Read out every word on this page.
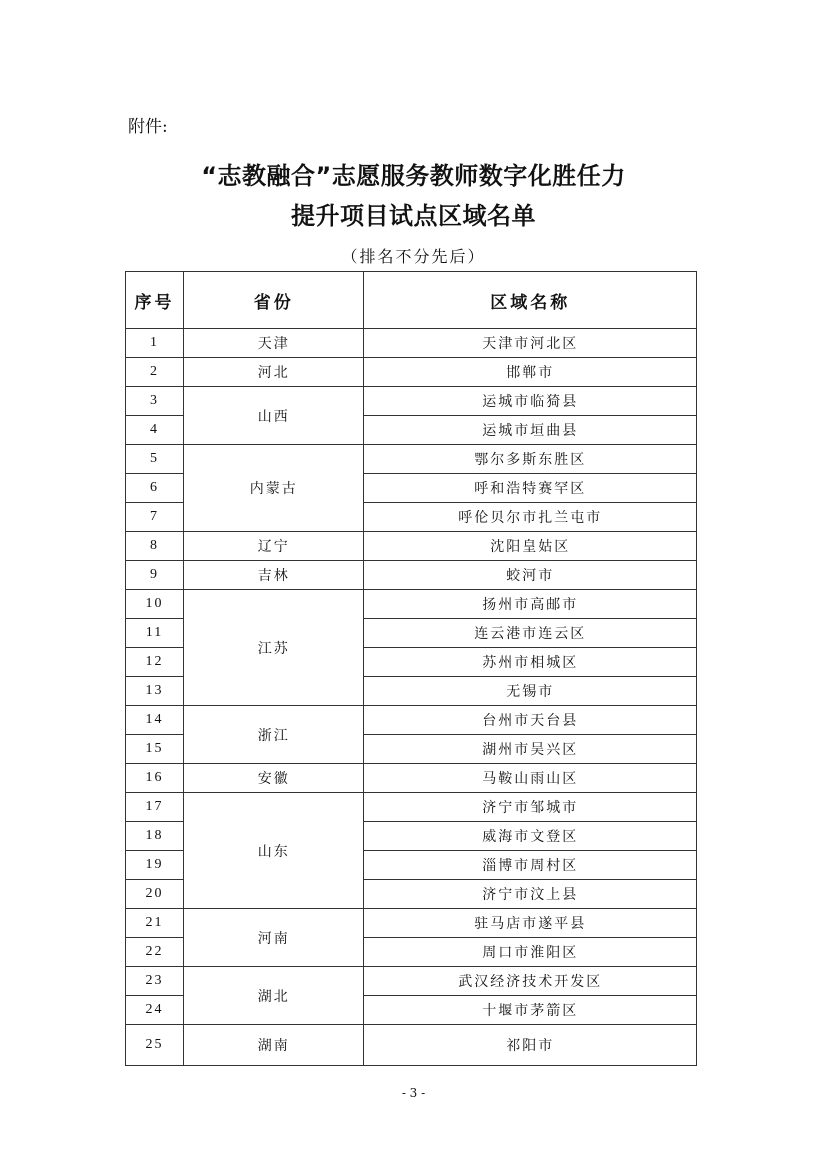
附件:
“志教融合”志愿服务教师数字化胜任力
提升项目试点区域名单
（排名不分先后）
序号	省份	区域名称
1	天津	天津市河北区
2	河北	邯郸市
3	山西	运城市临猗县
4		运城市垣曲县
5	内蒙古	鄂尔多斯东胜区
6		呼和浩特赛罕区
7		呼伦贝尔市扎兰屯市
8	辽宁	沈阳皇姑区
9	吉林	蛟河市
10	江苏	扬州市高邮市
11		连云港市连云区
12		苏州市相城区
13		无锡市
14	浙江	台州市天台县
15		湖州市吴兴区
16	安徽	马鞍山雨山区
17	山东	济宁市邹城市
18		威海市文登区
19		淄博市周村区
20		济宁市汶上县
21	河南	驻马店市遂平县
22		周口市淮阳区
23	湖北	武汉经济技术开发区
24		十堰市茅箭区
25	湖南	祁阳市
- 3 -
